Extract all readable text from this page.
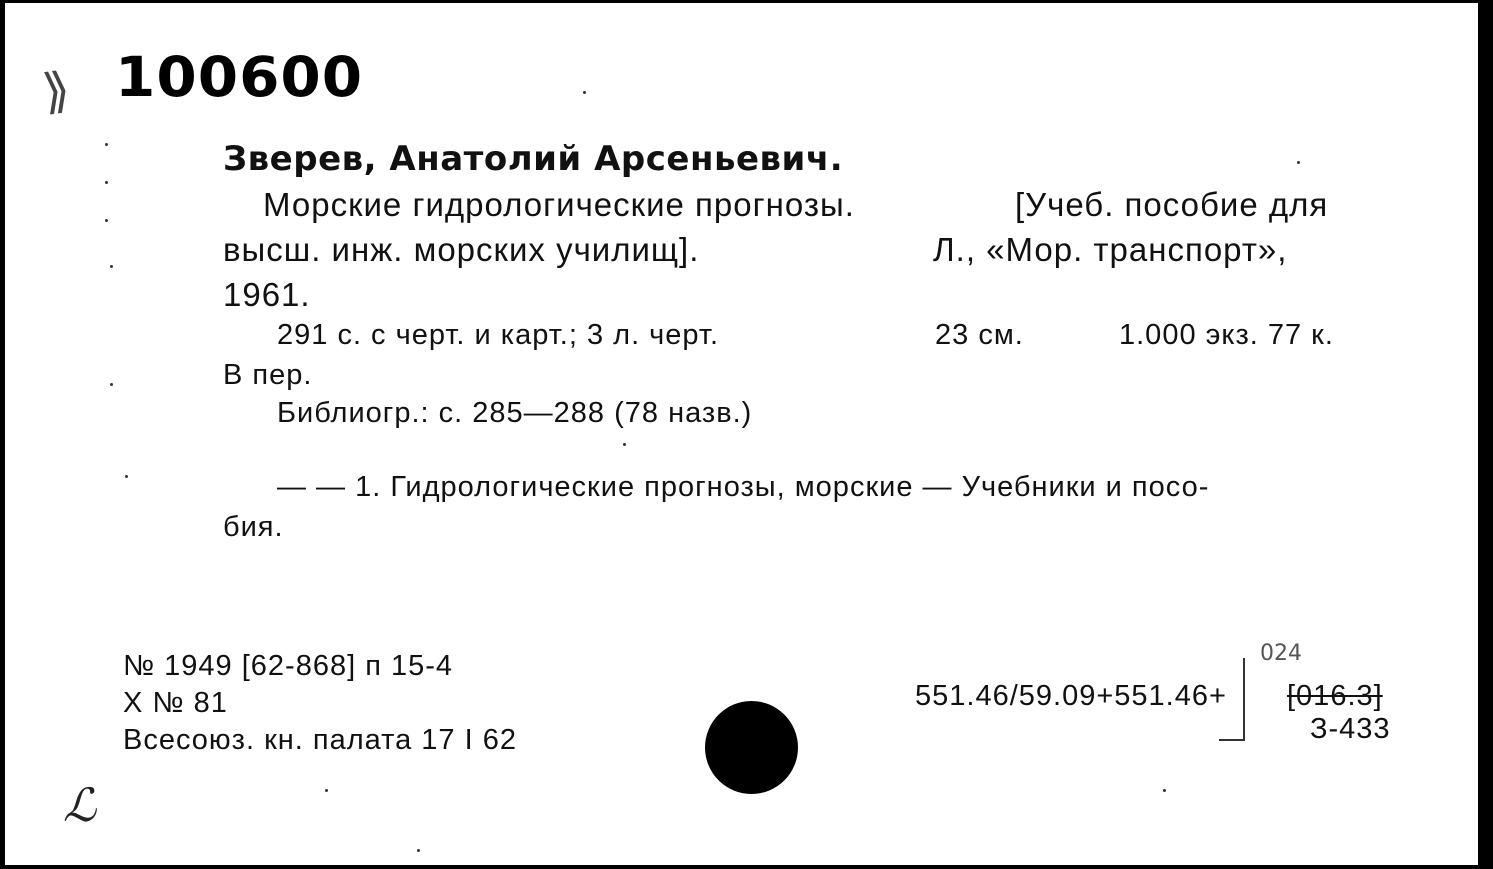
⟫ 100600
Зверев, Анатолий Арсеньевич.
Морские гидрологические прогнозы.	[Учеб. пособие для
высш. инж. морских училищ].	Л., «Мор. транспорт»,
1961.
291 с. с черт. и карт.; 3 л. черт.	23 см.	1.000 экз. 77 к.
В пер.
Библиогр.: с. 285—288 (78 назв.)
— — 1. Гидрологические прогнозы, морские — Учебники и посо-
бия.
№ 1949 [62-868] п 15-4
X № 81
Всесоюз. кн. палата 17 I 62
551.46/59.09+551.46+ [016.3]
024
З-433
ℒ
